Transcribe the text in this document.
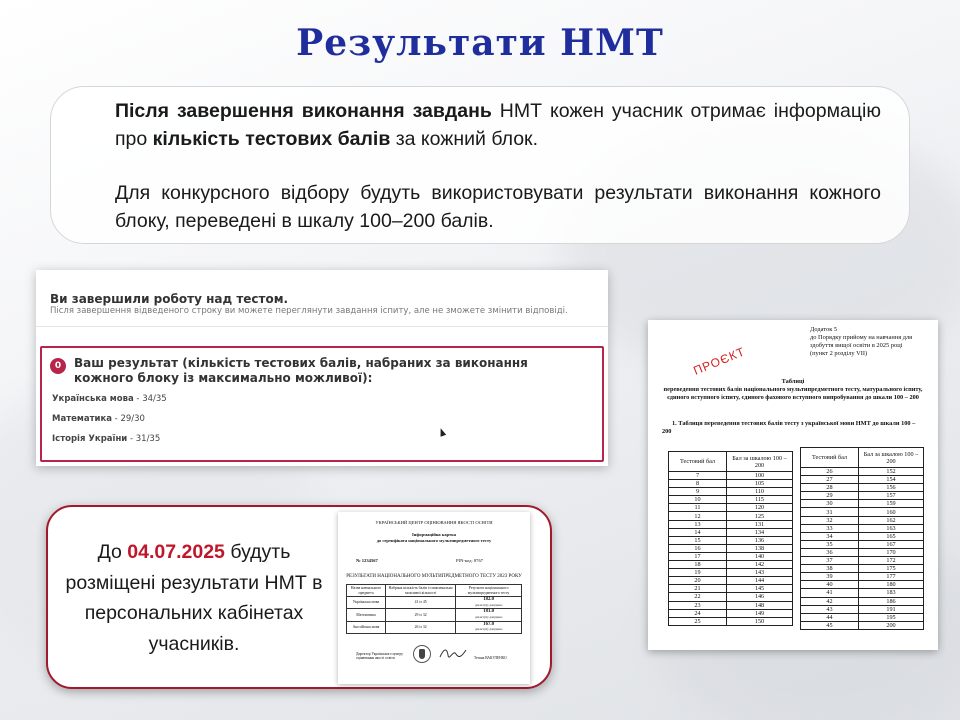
Результати НМТ

Після завершення виконання завдань НМТ кожен учасник отримає інформацію про кількість тестових балів за кожний блок.

Для конкурсного відбору будуть використовувати результати виконання кожного блоку, переведені в шкалу 100–200 балів.

Ви завершили роботу над тестом.
Після завершення відведеного строку ви можете переглянути завдання іспиту, але не зможете змінити відповіді.
0	Ваш результат (кількість тестових балів, набраних за виконання кожного блоку із максимально можливої):
Українська мова - 34/35
Математика - 29/30
Історія України - 31/35
Додаток 5
до Порядку прийому на навчання для здобуття вищої освіти в 2025 році
(пункт 2 розділу VII)
ПРОЄКТ
Таблиці
переведення тестових балів національного мультипредметного тесту, матурального іспиту, єдиного вступного іспиту, єдиного фахового вступного випробування до шкали 100 – 200
1. Таблиця переведення тестових балів тесту з української мови НМТ до шкали 100 – 200
Тестовий бал	Бал за шкалою 100 – 200
7	100
8	105
9	110
10	115
11	120
12	125
13	131
14	134
15	136
16	138
17	140
18	142
19	143
20	144
21	145
22	146
23	148
24	149
25	150
Тестовий бал	Бал за шкалою 100 – 200
26	152
27	154
28	156
29	157
30	159
31	160
32	162
33	163
34	165
35	167
36	170
37	172
38	175
39	177
40	180
41	183
42	186
43	191
44	195
45	200
До 04.07.2025 будуть розміщені результати НМТ в персональних кабінетах учасників.
УКРАЇНСЬКИЙ ЦЕНТР ОЦІНЮВАННЯ ЯКОСТІ ОСВІТИ
Інформаційна картка
до сертифіката національного мультипредметного тесту
№ 1234567	PIN-код: 8767
РЕЗУЛЬТАТИ НАЦІОНАЛЬНОГО МУЛЬТИПРЕДМЕТНОГО ТЕСТУ 2023 РОКУ
Назва навчального предмета	Набрана кількість балів із максимально можливої кількості	Результат національного мультипредметного тесту
Українська мова	41 із 45	182.0
для вступу допущено

Математика	29 із 32	181.0
для вступу допущено

Англійська мова	26 із 32	167.0
для вступу допущено
Директор Українського центру оцінювання якості освіти	Тетяна ВАКУЛЕНКО
